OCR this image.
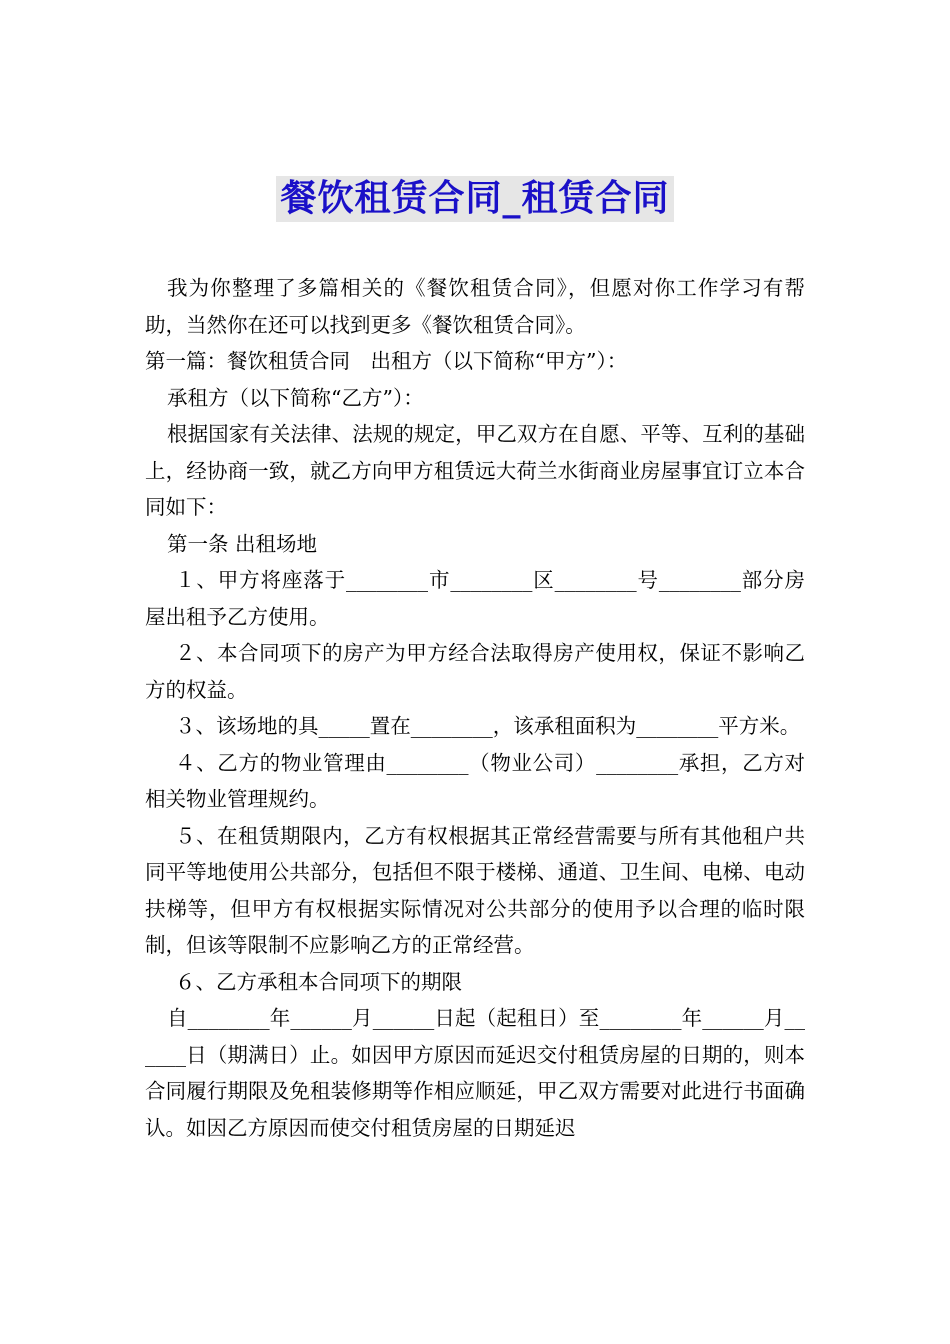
餐饮租赁合同_租赁合同

我为你整理了多篇相关的《餐饮租赁合同》，但愿对你工作学习有帮助，当然你在还可以找到更多《餐饮租赁合同》。

第一篇：餐饮租赁合同　出租方（以下简称“甲方”）：

承租方（以下简称“乙方”）：

根据国家有关法律、法规的规定，甲乙双方在自愿、平等、互利的基础上，经协商一致，就乙方向甲方租赁远大荷兰水街商业房屋事宜订立本合同如下：

第一条 出租场地

１、甲方将座落于________市________区________号________部分房屋出租予乙方使用。

２、本合同项下的房产为甲方经合法取得房产使用权，保证不影响乙方的权益。

３、该场地的具_____置在________，该承租面积为________平方米。

４、乙方的物业管理由________（物业公司）________承担，乙方对相关物业管理规约。

５、在租赁期限内，乙方有权根据其正常经营需要与所有其他租户共同平等地使用公共部分，包括但不限于楼梯、通道、卫生间、电梯、电动扶梯等，但甲方有权根据实际情况对公共部分的使用予以合理的临时限制，但该等限制不应影响乙方的正常经营。

６、乙方承租本合同项下的期限

自________年______月______日起（起租日）至________年______月______日（期满日）止。如因甲方原因而延迟交付租赁房屋的日期的，则本合同履行期限及免租装修期等作相应顺延，甲乙双方需要对此进行书面确认。如因乙方原因而使交付租赁房屋的日期延迟
